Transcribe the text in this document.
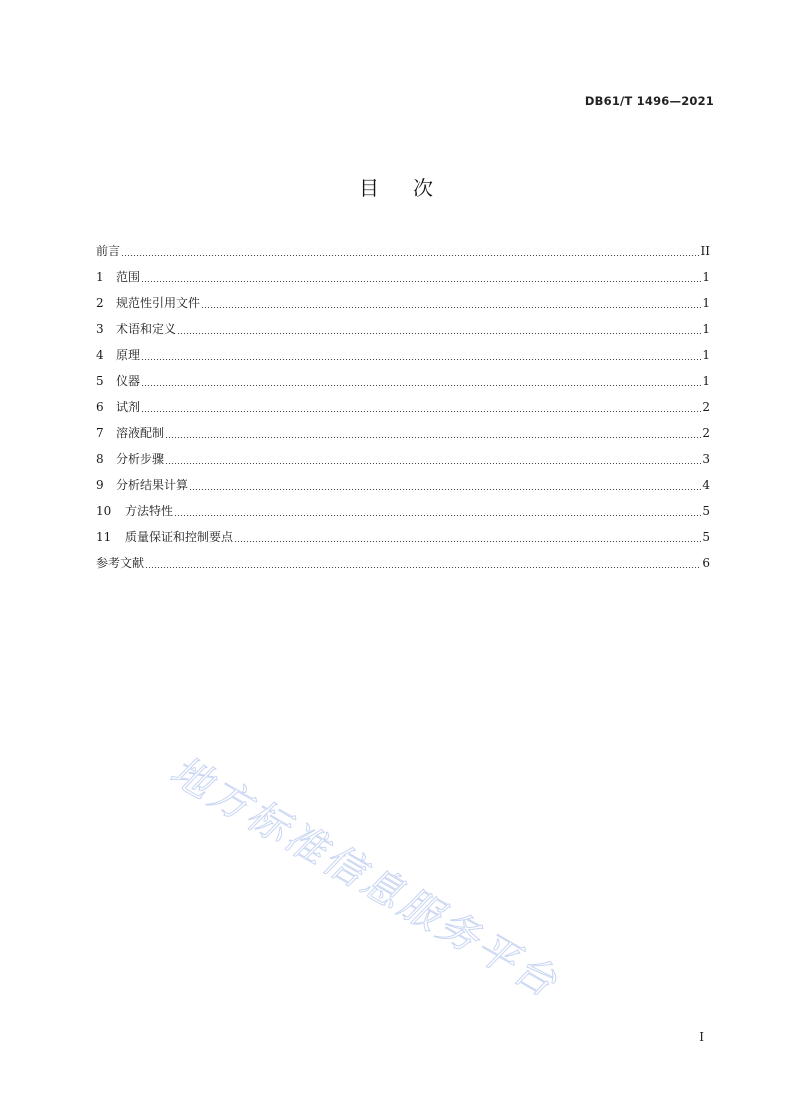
DB61/T 1496—2021
目次
前言	II
1	范围	1
2	规范性引用文件	1
3	术语和定义	1
4	原理	1
5	仪器	1
6	试剂	2
7	溶液配制	2
8	分析步骤	3
9	分析结果计算	4
10	方法特性	5
11	质量保证和控制要点	5
参考文献	6
地方标准信息服务平台
I
